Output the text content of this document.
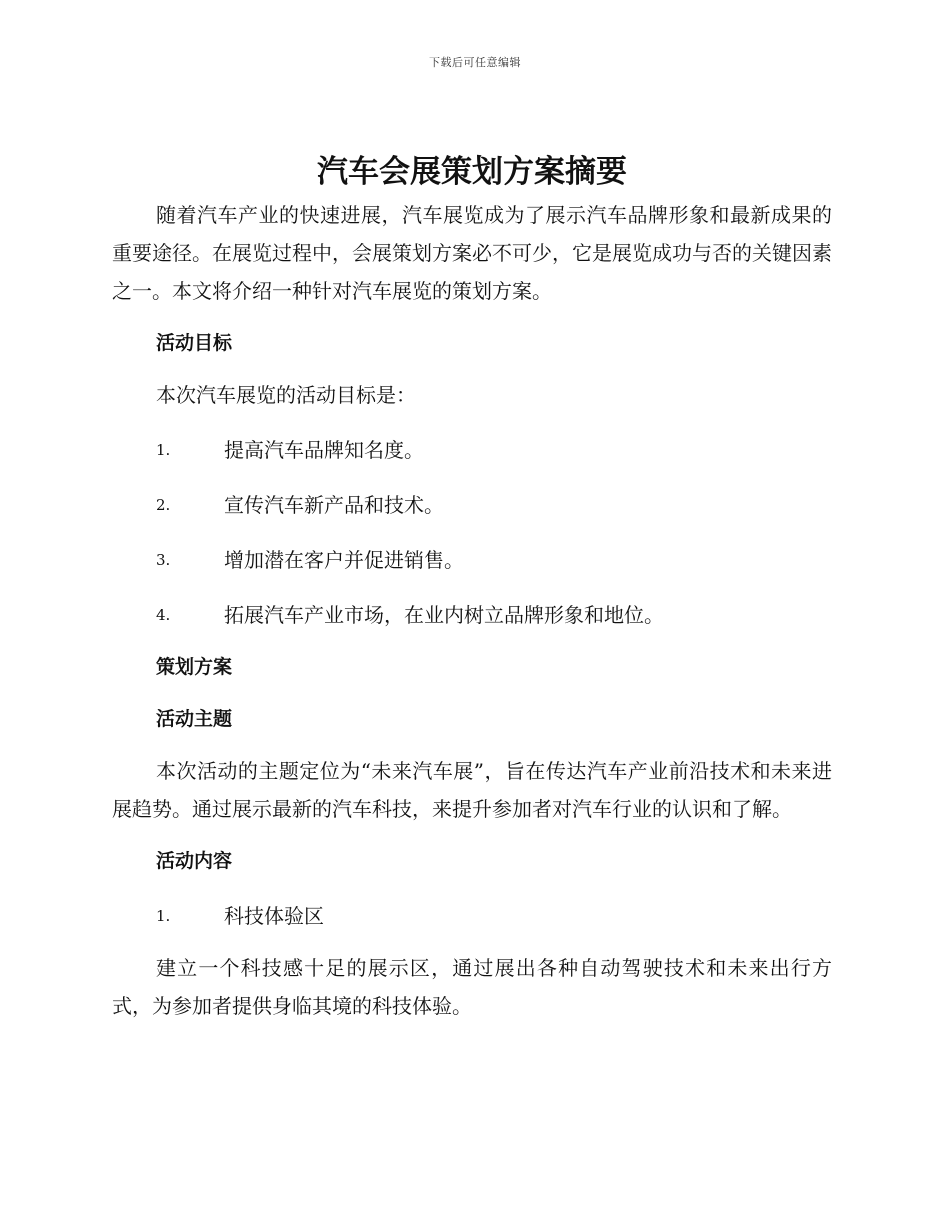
下载后可任意编辑
汽车会展策划方案摘要

随着汽车产业的快速进展，汽车展览成为了展示汽车品牌形象和最新成果的重要途径。在展览过程中，会展策划方案必不可少，它是展览成功与否的关键因素之一。本文将介绍一种针对汽车展览的策划方案。

活动目标

本次汽车展览的活动目标是：

1.	提高汽车品牌知名度。
2.	宣传汽车新产品和技术。
3.	增加潜在客户并促进销售。
4.	拓展汽车产业市场，在业内树立品牌形象和地位。
策划方案
活动主题

本次活动的主题定位为“未来汽车展”，旨在传达汽车产业前沿技术和未来进展趋势。通过展示最新的汽车科技，来提升参加者对汽车行业的认识和了解。

活动内容
1.	科技体验区

建立一个科技感十足的展示区，通过展出各种自动驾驶技术和未来出行方式，为参加者提供身临其境的科技体验。
